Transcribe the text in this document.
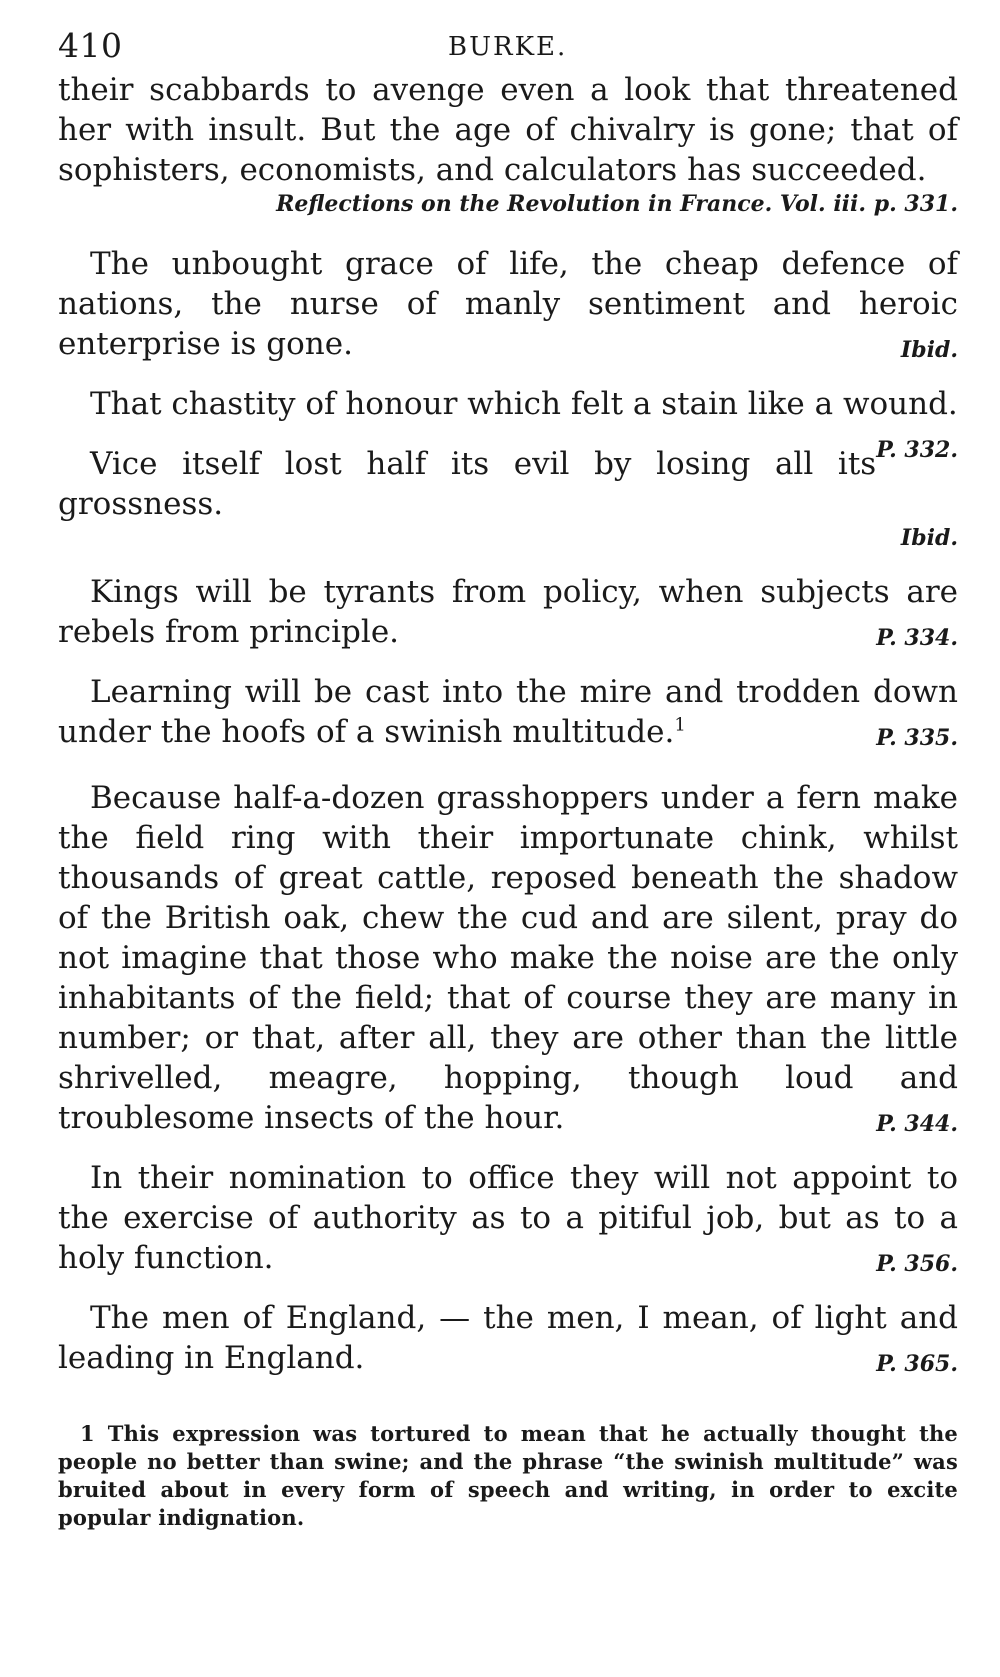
410	BURKE.

their scabbards to avenge even a look that threatened her with insult. But the age of chivalry is gone; that of sophisters, economists, and calculators has succeeded.

Reflections on the Revolution in France. Vol. iii. p. 331.

The unbought grace of life, the cheap defence of nations, the nurse of manly sentiment and heroic enterprise is gone.	Ibid.

That chastity of honour which felt a stain like a wound.
P. 332.

Vice itself lost half its evil by losing all its grossness.

Ibid.

Kings will be tyrants from policy, when subjects are rebels from principle.	P. 334.

Learning will be cast into the mire and trodden down under the hoofs of a swinish multitude.$^1$	P. 335.

Because half-a-dozen grasshoppers under a fern make the field ring with their importunate chink, whilst thousands of great cattle, reposed beneath the shadow of the British oak, chew the cud and are silent, pray do not imagine that those who make the noise are the only inhabitants of the field; that of course they are many in number; or that, after all, they are other than the little shrivelled, meagre, hopping, though loud and troublesome insects of the hour.	P. 344.

In their nomination to office they will not appoint to the exercise of authority as to a pitiful job, but as to a holy function.	P. 356.

The men of England, — the men, I mean, of light and leading in England.	P. 365.

1 This expression was tortured to mean that he actually thought the people no better than swine; and the phrase “the swinish multitude” was bruited about in every form of speech and writing, in order to excite popular indignation.
